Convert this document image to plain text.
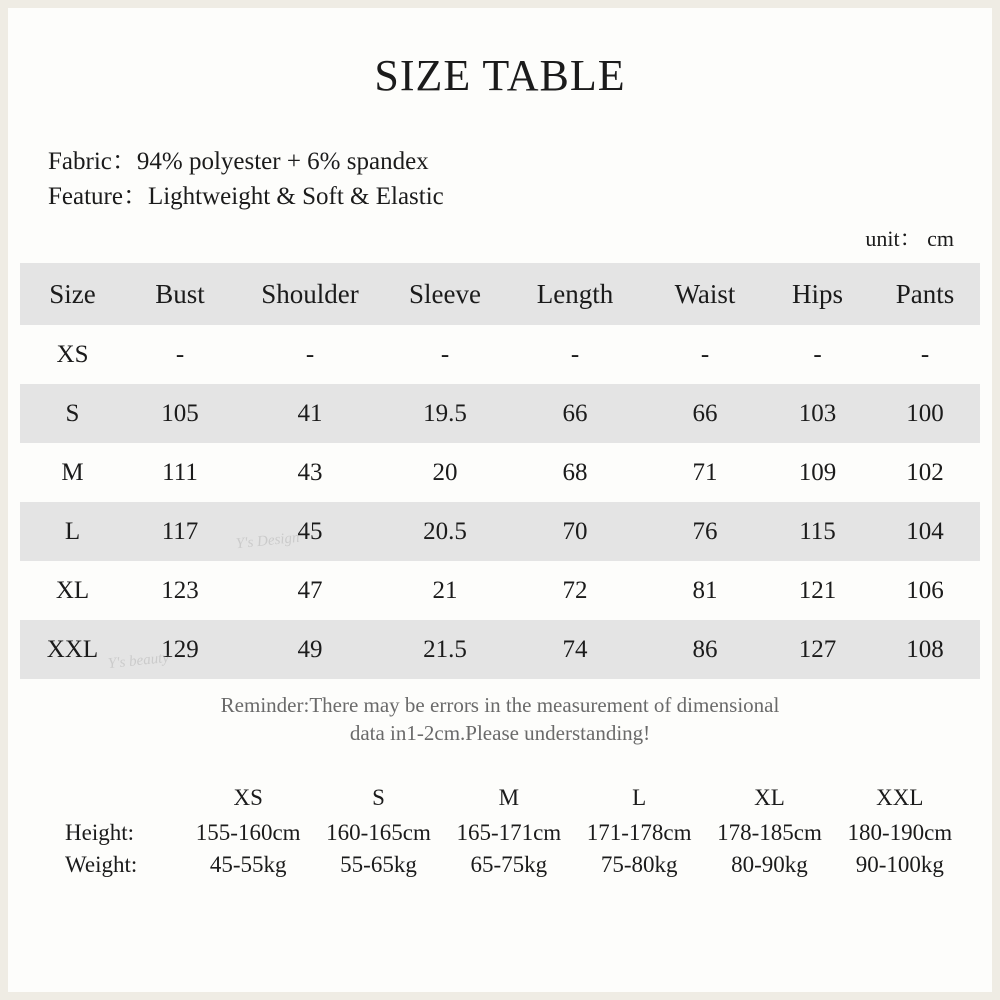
SIZE TABLE
Fabric：94% polyester + 6% spandex
Feature：Lightweight & Soft & Elastic
unit： cm
Size	Bust	Shoulder	Sleeve	Length	Waist	Hips	Pants
XS	-	-	-	-	-	-	-
S	105	41	19.5	66	66	103	100
M	111	43	20	68	71	109	102
L	117	45	20.5	70	76	115	104
XL	123	47	21	72	81	121	106
XXL	129	49	21.5	74	86	127	108
Reminder:There may be errors in the measurement of dimensional
data in1-2cm.Please understanding!
	XS	S	M	L	XL	XXL
Height:	155-160cm	160-165cm	165-171cm	171-178cm	178-185cm	180-190cm
Weight:	45-55kg	55-65kg	65-75kg	75-80kg	80-90kg	90-100kg
Y's Design
Y's beauty
